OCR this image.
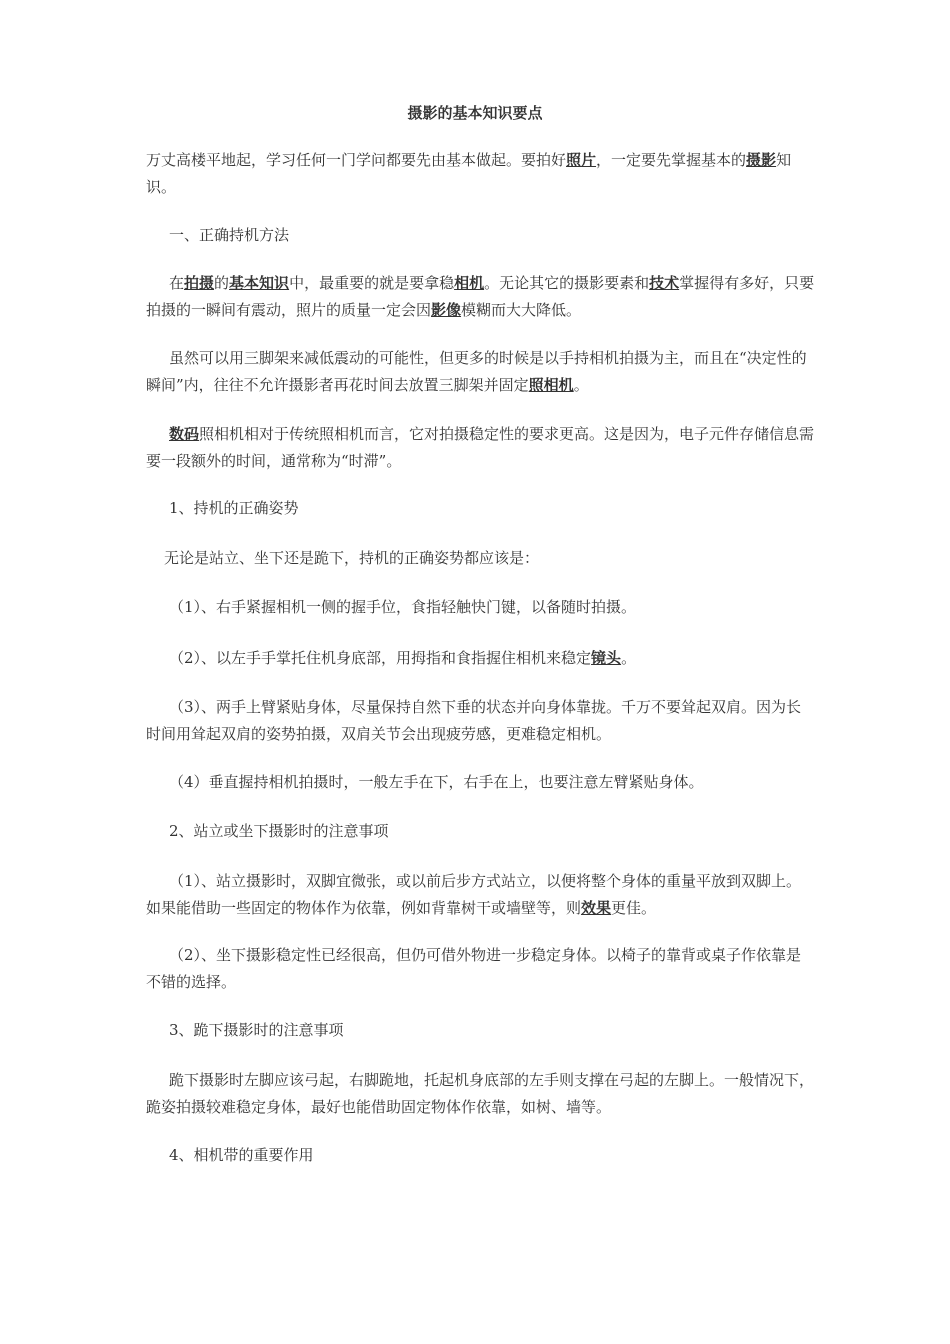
摄影的基本知识要点

万丈高楼平地起，学习任何一门学问都要先由基本做起。要拍好照片，一定要先掌握基本的摄影知识。

一、正确持机方法

在拍摄的基本知识中，最重要的就是要拿稳相机。无论其它的摄影要素和技术掌握得有多好，只要拍摄的一瞬间有震动，照片的质量一定会因影像模糊而大大降低。

虽然可以用三脚架来减低震动的可能性，但更多的时候是以手持相机拍摄为主，而且在“决定性的瞬间”内，往往不允许摄影者再花时间去放置三脚架并固定照相机。

数码照相机相对于传统照相机而言，它对拍摄稳定性的要求更高。这是因为，电子元件存储信息需要一段额外的时间，通常称为“时滞”。

1、持机的正确姿势

无论是站立、坐下还是跪下，持机的正确姿势都应该是：

（1）、右手紧握相机一侧的握手位，食指轻触快门键，以备随时拍摄。

（2）、以左手手掌托住机身底部，用拇指和食指握住相机来稳定镜头。

（3）、两手上臂紧贴身体，尽量保持自然下垂的状态并向身体靠拢。千万不要耸起双肩。因为长时间用耸起双肩的姿势拍摄，双肩关节会出现疲劳感，更难稳定相机。

（4）垂直握持相机拍摄时，一般左手在下，右手在上，也要注意左臂紧贴身体。

2、站立或坐下摄影时的注意事项

（1）、站立摄影时，双脚宜微张，或以前后步方式站立，以便将整个身体的重量平放到双脚上。如果能借助一些固定的物体作为依靠，例如背靠树干或墙壁等，则效果更佳。

（2）、坐下摄影稳定性已经很高，但仍可借外物进一步稳定身体。以椅子的靠背或桌子作依靠是不错的选择。

3、跪下摄影时的注意事项

跪下摄影时左脚应该弓起，右脚跪地，托起机身底部的左手则支撑在弓起的左脚上。一般情况下，跪姿拍摄较难稳定身体，最好也能借助固定物体作依靠，如树、墙等。

4、相机带的重要作用
